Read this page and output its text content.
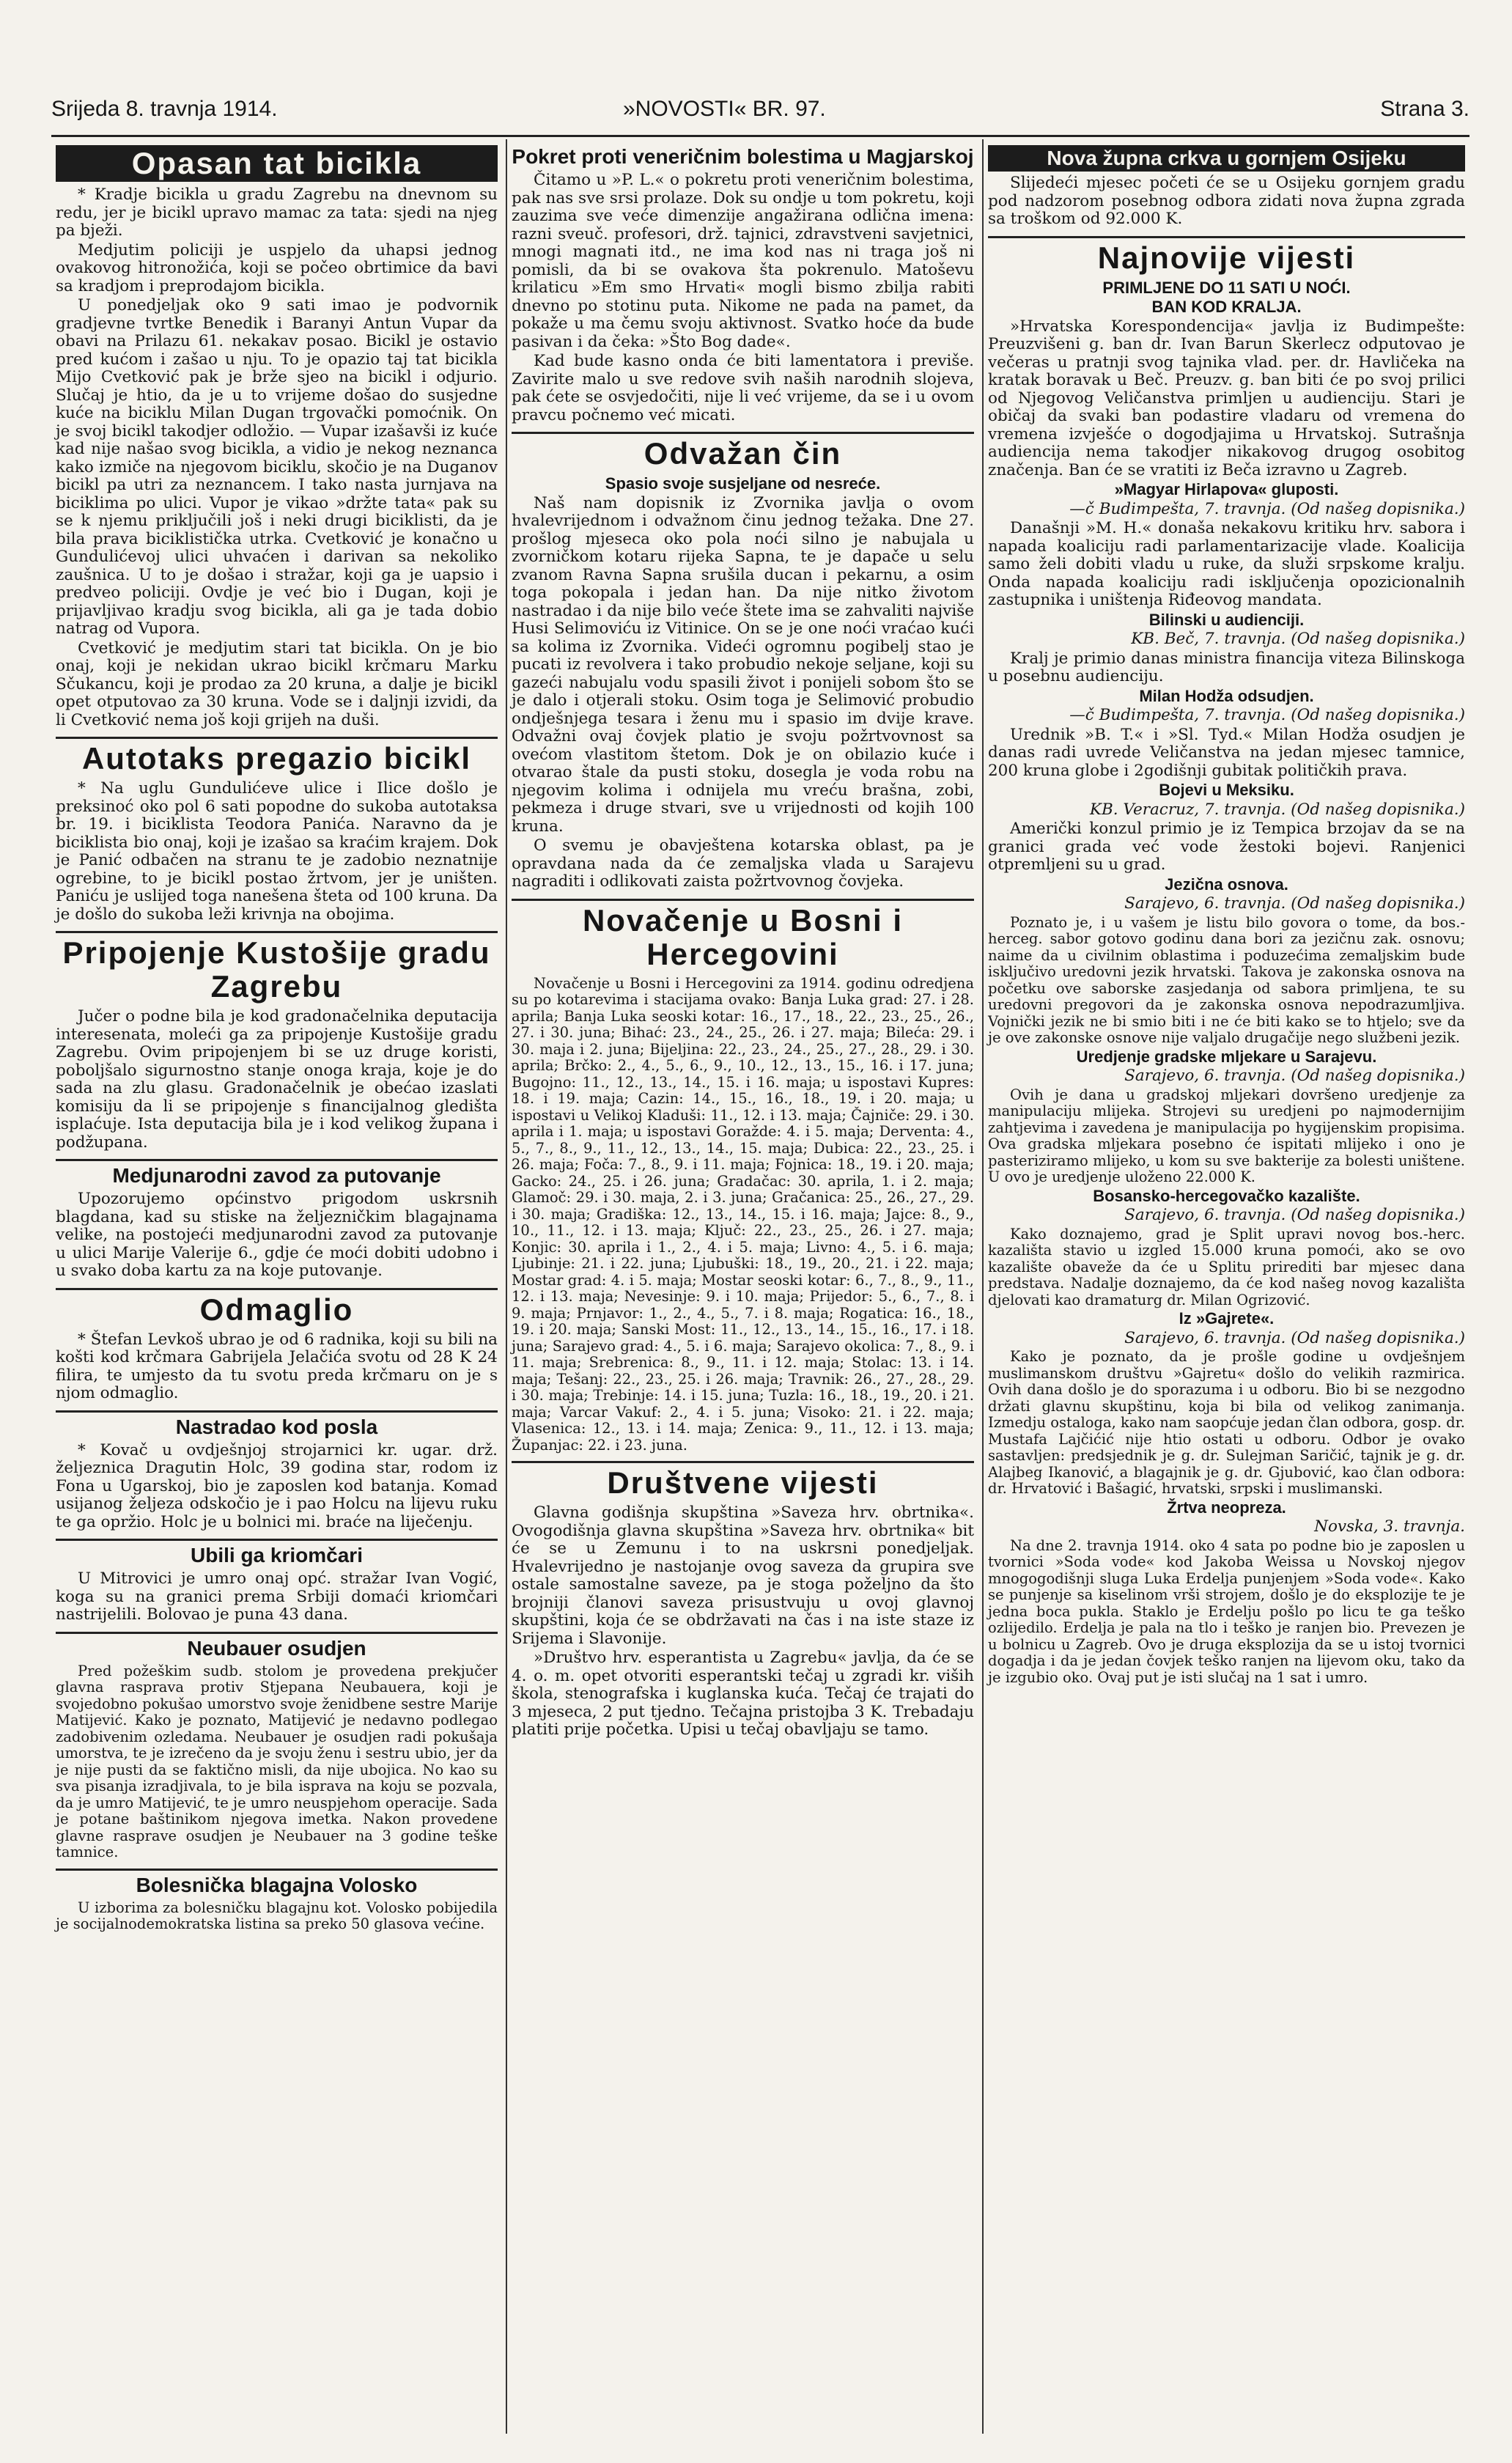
Srijeda 8. travnja 1914.	»NOVOSTI« BR. 97.	Strana 3.
Opasan tat bicikla

* Kradje bicikla u gradu Zagrebu na dnevnom su redu, jer je bicikl upravo mamac za tata: sjedi na njeg pa bježi.

Medjutim policiji je uspjelo da uhapsi jednog ovakovog hitronožića, koji se počeo obrtimice da bavi sa kradjom i preprodajom bicikla.

U ponedjeljak oko 9 sati imao je podvornik gradjevne tvrtke Benedik i Baranyi Antun Vupar da obavi na Prilazu 61. nekakav posao. Bicikl je ostavio pred kućom i zašao u nju. To je opazio taj tat bicikla Mijo Cvetković pak je brže sjeo na bicikl i odjurio. Slučaj je htio, da je u to vrijeme došao do susjedne kuće na biciklu Milan Dugan trgovački pomoćnik. On je svoj bicikl takodjer odložio. — Vupar izašavši iz kuće kad nije našao svog bicikla, a vidio je nekog neznanca kako izmiče na njegovom biciklu, skočio je na Duganov bicikl pa utri za neznancem. I tako nasta jurnjava na biciklima po ulici. Vupor je vikao »držte tata« pak su se k njemu priključili još i neki drugi biciklisti, da je bila prava biciklistička utrka. Cvetković je konačno u Gundulićevoj ulici uhvaćen i darivan sa nekoliko zaušnica. U to je došao i stražar, koji ga je uapsio i predveo policiji. Ovdje je već bio i Dugan, koji je prijavljivao kradju svog bicikla, ali ga je tada dobio natrag od Vupora.

Cvetković je medjutim stari tat bicikla. On je bio onaj, koji je nekidan ukrao bicikl krčmaru Marku Sčukancu, koji je prodao za 20 kruna, a dalje je bicikl opet otputovao za 30 kruna. Vode se i daljnji izvidi, da li Cvetković nema još koji grijeh na duši.

Autotaks pregazio bicikl

* Na uglu Gundulićeve ulice i Ilice došlo je preksinoć oko pol 6 sati popodne do sukoba autotaksa br. 19. i biciklista Teodora Panića. Naravno da je biciklista bio onaj, koji je izašao sa kraćim krajem. Dok je Panić odbačen na stranu te je zadobio neznatnije ogrebine, to je bicikl postao žrtvom, jer je uništen. Paniću je uslijed toga nanešena šteta od 100 kruna. Da je došlo do sukoba leži krivnja na obojima.

Pripojenje Kustošije gradu Zagrebu

Jučer o podne bila je kod gradonačelnika deputacija interesenata, moleći ga za pripojenje Kustošije gradu Zagrebu. Ovim pripojenjem bi se uz druge koristi, poboljšalo sigurnostno stanje onoga kraja, koje je do sada na zlu glasu. Gradonačelnik je obećao izaslati komisiju da li se pripojenje s financijalnog gledišta isplaćuje. Ista deputacija bila je i kod velikog župana i podžupana.

Medjunarodni zavod za putovanje

Upozorujemo općinstvo prigodom uskrsnih blagdana, kad su stiske na željezničkim blagajnama velike, na postojeći medjunarodni zavod za putovanje u ulici Marije Valerije 6., gdje će moći dobiti udobno i u svako doba kartu za na koje putovanje.

Odmaglio

* Štefan Levkoš ubrao je od 6 radnika, koji su bili na košti kod krčmara Gabrijela Jelačića svotu od 28 K 24 filira, te umjesto da tu svotu preda krčmaru on je s njom odmaglio.

Nastradao kod posla

* Kovač u ovdješnjoj strojarnici kr. ugar. drž. željeznica Dragutin Holc, 39 godina star, rodom iz Fona u Ugarskoj, bio je zaposlen kod batanja. Komad usijanog željeza odskočio je i pao Holcu na lijevu ruku te ga opržio. Holc je u bolnici mi. braće na liječenju.

Ubili ga kriomčari

U Mitrovici je umro onaj opć. stražar Ivan Vogić, koga su na granici prema Srbiji domaći kriomčari nastrijelili. Bolovao je puna 43 dana.

Neubauer osudjen

Pred požeškim sudb. stolom je provedena prekjučer glavna rasprava protiv Stjepana Neubauera, koji je svojedobno pokušao umorstvo svoje ženidbene sestre Marije Matijević. Kako je poznato, Matijević je nedavno podlegao zadobivenim ozledama. Neubauer je osudjen radi pokušaja umorstva, te je izrečeno da je svoju ženu i sestru ubio, jer da je nije pusti da se faktično misli, da nije ubojica. No kao su sva pisanja izradjivala, to je bila isprava na koju se pozvala, da je umro Matijević, te je umro neuspjehom operacije. Sada je potane baštinikom njegova imetka. Nakon provedene glavne rasprave osudjen je Neubauer na 3 godine teške tamnice.

Bolesnička blagajna Volosko

U izborima za bolesničku blagajnu kot. Volosko pobijedila je socijalnodemokratska listina sa preko 50 glasova većine.

Pokret proti veneričnim bolestima u Magjarskoj

Čitamo u »P. L.« o pokretu proti veneričnim bolestima, pak nas sve srsi prolaze. Dok su ondje u tom pokretu, koji zauzima sve veće dimenzije angažirana odlična imena: razni sveuč. profesori, drž. tajnici, zdravstveni savjetnici, mnogi magnati itd., ne ima kod nas ni traga još ni pomisli, da bi se ovakova šta pokrenulo. Matoševu krilaticu »Em smo Hrvati« mogli bismo zbilja rabiti dnevno po stotinu puta. Nikome ne pada na pamet, da pokaže u ma čemu svoju aktivnost. Svatko hoće da bude pasivan i da čeka: »Što Bog dade«.

Kad bude kasno onda će biti lamentatora i previše. Zavirite malo u sve redove svih naših narodnih slojeva, pak ćete se osvjedočiti, nije li već vrijeme, da se i u ovom pravcu počnemo već micati.

Odvažan čin

Spasio svoje susjeljane od nesreće.

Naš nam dopisnik iz Zvornika javlja o ovom hvalevrijednom i odvažnom činu jednog težaka. Dne 27. prošlog mjeseca oko pola noći silno je nabujala u zvorničkom kotaru rijeka Sapna, te je dapače u selu zvanom Ravna Sapna srušila ducan i pekarnu, a osim toga pokopala i jedan han. Da nije nitko životom nastradao i da nije bilo veće štete ima se zahvaliti najviše Husi Selimoviću iz Vitinice. On se je one noći vraćao kući sa kolima iz Zvornika. Videći ogromnu pogibelj stao je pucati iz revolvera i tako probudio nekoje seljane, koji su gazeći nabujalu vodu spasili život i ponijeli sobom što se je dalo i otjerali stoku. Osim toga je Selimović probudio ondješnjega tesara i ženu mu i spasio im dvije krave. Odvažni ovaj čovjek platio je svoju požrtvovnost sa ovećom vlastitom štetom. Dok je on obilazio kuće i otvarao štale da pusti stoku, dosegla je voda robu na njegovim kolima i odnijela mu vreću brašna, zobi, pekmeza i druge stvari, sve u vrijednosti od kojih 100 kruna.

O svemu je obavještena kotarska oblast, pa je opravdana nada da će zemaljska vlada u Sarajevu nagraditi i odlikovati zaista požrtvovnog čovjeka.

Novačenje u Bosni i Hercegovini

Novačenje u Bosni i Hercegovini za 1914. godinu odredjena su po kotarevima i stacijama ovako: Banja Luka grad: 27. i 28. aprila; Banja Luka seoski kotar: 16., 17., 18., 22., 23., 25., 26., 27. i 30. juna; Bihać: 23., 24., 25., 26. i 27. maja; Bileća: 29. i 30. maja i 2. juna; Bijeljina: 22., 23., 24., 25., 27., 28., 29. i 30. aprila; Brčko: 2., 4., 5., 6., 9., 10., 12., 13., 15., 16. i 17. juna; Bugojno: 11., 12., 13., 14., 15. i 16. maja; u ispostavi Kupres: 18. i 19. maja; Cazin: 14., 15., 16., 18., 19. i 20. maja; u ispostavi u Velikoj Kladuši: 11., 12. i 13. maja; Čajniče: 29. i 30. aprila i 1. maja; u ispostavi Goražde: 4. i 5. maja; Derventa: 4., 5., 7., 8., 9., 11., 12., 13., 14., 15. maja; Dubica: 22., 23., 25. i 26. maja; Foča: 7., 8., 9. i 11. maja; Fojnica: 18., 19. i 20. maja; Gacko: 24., 25. i 26. juna; Gradačac: 30. aprila, 1. i 2. maja; Glamoč: 29. i 30. maja, 2. i 3. juna; Gračanica: 25., 26., 27., 29. i 30. maja; Gradiška: 12., 13., 14., 15. i 16. maja; Jajce: 8., 9., 10., 11., 12. i 13. maja; Ključ: 22., 23., 25., 26. i 27. maja; Konjic: 30. aprila i 1., 2., 4. i 5. maja; Livno: 4., 5. i 6. maja; Ljubinje: 21. i 22. juna; Ljubuški: 18., 19., 20., 21. i 22. maja; Mostar grad: 4. i 5. maja; Mostar seoski kotar: 6., 7., 8., 9., 11., 12. i 13. maja; Nevesinje: 9. i 10. maja; Prijedor: 5., 6., 7., 8. i 9. maja; Prnjavor: 1., 2., 4., 5., 7. i 8. maja; Rogatica: 16., 18., 19. i 20. maja; Sanski Most: 11., 12., 13., 14., 15., 16., 17. i 18. juna; Sarajevo grad: 4., 5. i 6. maja; Sarajevo okolica: 7., 8., 9. i 11. maja; Srebrenica: 8., 9., 11. i 12. maja; Stolac: 13. i 14. maja; Tešanj: 22., 23., 25. i 26. maja; Travnik: 26., 27., 28., 29. i 30. maja; Trebinje: 14. i 15. juna; Tuzla: 16., 18., 19., 20. i 21. maja; Varcar Vakuf: 2., 4. i 5. juna; Visoko: 21. i 22. maja; Vlasenica: 12., 13. i 14. maja; Zenica: 9., 11., 12. i 13. maja; Županjac: 22. i 23. juna.

Društvene vijesti

Glavna godišnja skupština »Saveza hrv. obrtnika«. Ovogodišnja glavna skupština »Saveza hrv. obrtnika« bit će se u Zemunu i to na uskrsni ponedjeljak. Hvalevrijedno je nastojanje ovog saveza da grupira sve ostale samostalne saveze, pa je stoga poželjno da što brojniji članovi saveza prisustvuju u ovoj glavnoj skupštini, koja će se obdržavati na čas i na iste staze iz Srijema i Slavonije.

»Društvo hrv. esperantista u Zagrebu« javlja, da će se 4. o. m. opet otvoriti esperantski tečaj u zgradi kr. viših škola, stenografska i kuglanska kuća. Tečaj će trajati do 3 mjeseca, 2 put tjedno. Tečajna pristojba 3 K. Trebadaju platiti prije početka. Upisi u tečaj obavljaju se tamo.

Nova župna crkva u gornjem Osijeku

Slijedeći mjesec početi će se u Osijeku gornjem gradu pod nadzorom posebnog odbora zidati nova župna zgrada sa troškom od 92.000 K.

Najnovije vijesti

PRIMLJENE DO 11 SATI U NOĆI.

BAN KOD KRALJA.

»Hrvatska Korespondencija« javlja iz Budimpešte: Preuzvišeni g. ban dr. Ivan Barun Skerlecz odputovao je večeras u pratnji svog tajnika vlad. per. dr. Havličeka na kratak boravak u Beč. Preuzv. g. ban biti će po svoj prilici od Njegovog Veličanstva primljen u audienciju. Stari je običaj da svaki ban podastire vladaru od vremena do vremena izvješće o dogodjajima u Hrvatskoj. Sutrašnja audiencija nema takodjer nikakovog drugog osobitog značenja. Ban će se vratiti iz Beča izravno u Zagreb.

»Magyar Hirlapova« gluposti.

—č Budimpešta, 7. travnja. (Od našeg dopisnika.)

Današnji »M. H.« donaša nekakovu kritiku hrv. sabora i napada koaliciju radi parlamentarizacije vlade. Koalicija samo želi dobiti vladu u ruke, da služi srpskome kralju. Onda napada koaliciju radi isključenja opozicionalnih zastupnika i uništenja Riđeovog mandata.

Bilinski u audienciji.

KB. Beč, 7. travnja. (Od našeg dopisnika.)

Kralj je primio danas ministra financija viteza Bilinskoga u posebnu audienciju.

Milan Hodža odsudjen.

—č Budimpešta, 7. travnja. (Od našeg dopisnika.)

Urednik »B. T.« i »Sl. Tyd.« Milan Hodža osudjen je danas radi uvrede Veličanstva na jedan mjesec tamnice, 200 kruna globe i 2godišnji gubitak političkih prava.

Bojevi u Meksiku.

KB. Veracruz, 7. travnja. (Od našeg dopisnika.)

Američki konzul primio je iz Tempica brzojav da se na granici grada već vode žestoki bojevi. Ranjenici otpremljeni su u grad.

Jezična osnova.

Sarajevo, 6. travnja. (Od našeg dopisnika.)

Poznato je, i u vašem je listu bilo govora o tome, da bos.-herceg. sabor gotovo godinu dana bori za jezičnu zak. osnovu; naime da u civilnim oblastima i poduzećima zemaljskim bude isključivo uredovni jezik hrvatski. Takova je zakonska osnova na početku ove saborske zasjedanja od sabora primljena, te su uredovni pregovori da je zakonska osnova nepodrazumljiva. Vojnički jezik ne bi smio biti i ne će biti kako se to htjelo; sve da je ove zakonske osnove nije valjalo drugačije nego službeni jezik.

Uredjenje gradske mljekare u Sarajevu.

Sarajevo, 6. travnja. (Od našeg dopisnika.)

Ovih je dana u gradskoj mljekari dovršeno uredjenje za manipulaciju mlijeka. Strojevi su uredjeni po najmodernijim zahtjevima i zavedena je manipulacija po hygijenskim propisima. Ova gradska mljekara posebno će ispitati mlijeko i ono je pasteriziramo mlijeko, u kom su sve bakterije za bolesti uništene. U ovo je uredjenje uloženo 22.000 K.

Bosansko-hercegovačko kazalište.

Sarajevo, 6. travnja. (Od našeg dopisnika.)

Kako doznajemo, grad je Split upravi novog bos.-herc. kazališta stavio u izgled 15.000 kruna pomoći, ako se ovo kazalište obaveže da će u Splitu prirediti bar mjesec dana predstava. Nadalje doznajemo, da će kod našeg novog kazališta djelovati kao dramaturg dr. Milan Ogrizović.

Iz »Gajrete«.

Sarajevo, 6. travnja. (Od našeg dopisnika.)

Kako je poznato, da je prošle godine u ovdješnjem muslimanskom društvu »Gajretu« došlo do velikih razmirica. Ovih dana došlo je do sporazuma i u odboru. Bio bi se nezgodno držati glavnu skupštinu, koja bi bila od velikog zanimanja. Izmedju ostaloga, kako nam saopćuje jedan član odbora, gosp. dr. Mustafa Lajčićić nije htio ostati u odboru. Odbor je ovako sastavljen: predsjednik je g. dr. Sulejman Saričić, tajnik je g. dr. Alajbeg Ikanović, a blagajnik je g. dr. Gjubović, kao član odbora: dr. Hrvatović i Bašagić, hrvatski, srpski i muslimanski.

Žrtva neopreza.

Novska, 3. travnja.

Na dne 2. travnja 1914. oko 4 sata po podne bio je zaposlen u tvornici »Soda vode« kod Jakoba Weissa u Novskoj njegov mnogogodišnji sluga Luka Erdelja punjenjem »Soda vode«. Kako se punjenje sa kiselinom vrši strojem, došlo je do eksplozije te je jedna boca pukla. Staklo je Erdelju pošlo po licu te ga teško ozlijedilo. Erdelja je pala na tlo i teško je ranjen bio. Prevezen je u bolnicu u Zagreb. Ovo je druga eksplozija da se u istoj tvornici dogadja i da je jedan čovjek teško ranjen na lijevom oku, tako da je izgubio oko. Ovaj put je isti slučaj na 1 sat i umro.
